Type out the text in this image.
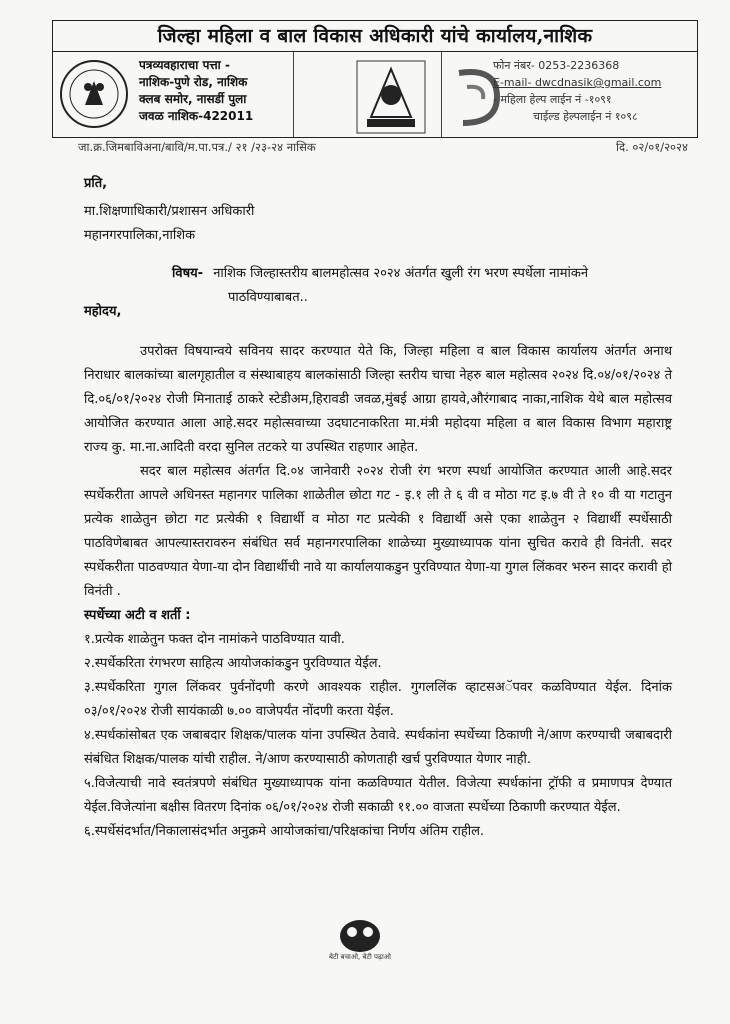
जिल्हा महिला व बाल विकास अधिकारी यांचे कार्यालय,नाशिक
पत्रव्यवहाराचा पत्ता -
नाशिक-पुणे रोड, नाशिक
क्लब समोर, नासर्डी पुला
जवळ नाशिक-422011
फोन नंबर- 0253-2236368
E-mail- dwcdnasik@gmail.com
- महिला हेल्प लाईन नं -१०९१
चाईल्ड हेल्पलाईन नं १०९८
जा.क्र.जिमबाविअना/बावि/म.पा.पत्र./ २१ /२३-२४ नासिक	दि. ०२/०१/२०२४
प्रति,
मा.शिक्षणाधिकारी/प्रशासन अधिकारी
महानगरपालिका,नाशिक
विषय- नाशिक जिल्हास्तरीय बालमहोत्सव २०२४ अंतर्गत खुली रंग भरण स्पर्धेला नामांकने
पाठविण्याबाबत..
महोदय,

उपरोक्त विषयान्वये सविनय सादर करण्यात येते कि, जिल्हा महिला व बाल विकास कार्यालय अंतर्गत अनाथ निराधार बालकांच्या बालगृहातील व संस्थाबाहय बालकांसाठी जिल्हा स्तरीय चाचा नेहरु बाल महोत्सव २०२४ दि.०४/०१/२०२४ ते दि.०६/०१/२०२४ रोजी मिनाताई ठाकरे स्टेडीअम,हिरावडी जवळ,मुंबई आग्रा हायवे,औरंगाबाद नाका,नाशिक येथे बाल महोत्सव आयोजित करण्यात आला आहे.सदर महोत्सवाच्या उदघाटनाकरिता मा.मंत्री महोदया महिला व बाल विकास विभाग महाराष्ट्र राज्य कु. मा.ना.आदिती वरदा सुनिल तटकरे या उपस्थित राहणार आहेत.

सदर बाल महोत्सव अंतर्गत दि.०४ जानेवारी २०२४ रोजी रंग भरण स्पर्धा आयोजित करण्यात आली आहे.सदर स्पर्धेकरीता आपले अधिनस्त महानगर पालिका शाळेतील छोटा गट - इ.१ ली ते ६ वी व मोठा गट इ.७ वी ते १० वी या गटातुन प्रत्येक शाळेतुन छोटा गट प्रत्येकी १ विद्यार्थी व मोठा गट प्रत्येकी १ विद्यार्थी असे एका शाळेतुन २ विद्यार्थी स्पर्धेसाठी पाठविणेबाबत आपल्यास्तरावरुन संबंधित सर्व महानगरपालिका शाळेच्या मुख्याध्यापक यांना सुचित करावे ही विनंती. सदर स्पर्धेकरीता पाठवण्यात येणा-या दोन विद्यार्थीची नावे या कार्यालयाकडुन पुरविण्यात येणा-या गुगल लिंकवर भरुन सादर करावी हो विनंती .

स्पर्धेच्या अटी व शर्ती :
१.प्रत्येक शाळेतुन फक्त दोन नामांकने पाठविण्यात यावी.
२.स्पर्धेकरिता रंगभरण साहित्य आयोजकांकडुन पुरविण्यात येईल.
३.स्पर्धेकरिता गुगल लिंकवर पुर्वनोंदणी करणे आवश्यक राहील. गुगललिंक व्हाटसअॅपवर कळविण्यात येईल. दिनांक ०३/०१/२०२४ रोजी सायंकाळी ७.०० वाजेपर्यंत नोंदणी करता येईल.
४.स्पर्धकांसोबत एक जबाबदार शिक्षक/पालक यांना उपस्थित ठेवावे. स्पर्धकांना स्पर्धेच्या ठिकाणी ने/आण करण्याची जबाबदारी संबंधित शिक्षक/पालक यांची राहील. ने/आण करण्यासाठी कोणताही खर्च पुरविण्यात येणार नाही.
५.विजेत्याची नावे स्वतंत्रपणे संबंधित मुख्याध्यापक यांना कळविण्यात येतील. विजेत्या स्पर्धकांना ट्रॉफी व प्रमाणपत्र देण्यात येईल.विजेत्यांना बक्षीस वितरण दिनांक ०६/०१/२०२४ रोजी सकाळी ११.०० वाजता स्पर्धेच्या ठिकाणी करण्यात येईल.
६.स्पर्धेसंदर्भात/निकालासंदर्भात अनुक्रमे आयोजकांचा/परिक्षकांचा निर्णय अंतिम राहील.
बेटी बचाओ, बेटी पढ़ाओ
